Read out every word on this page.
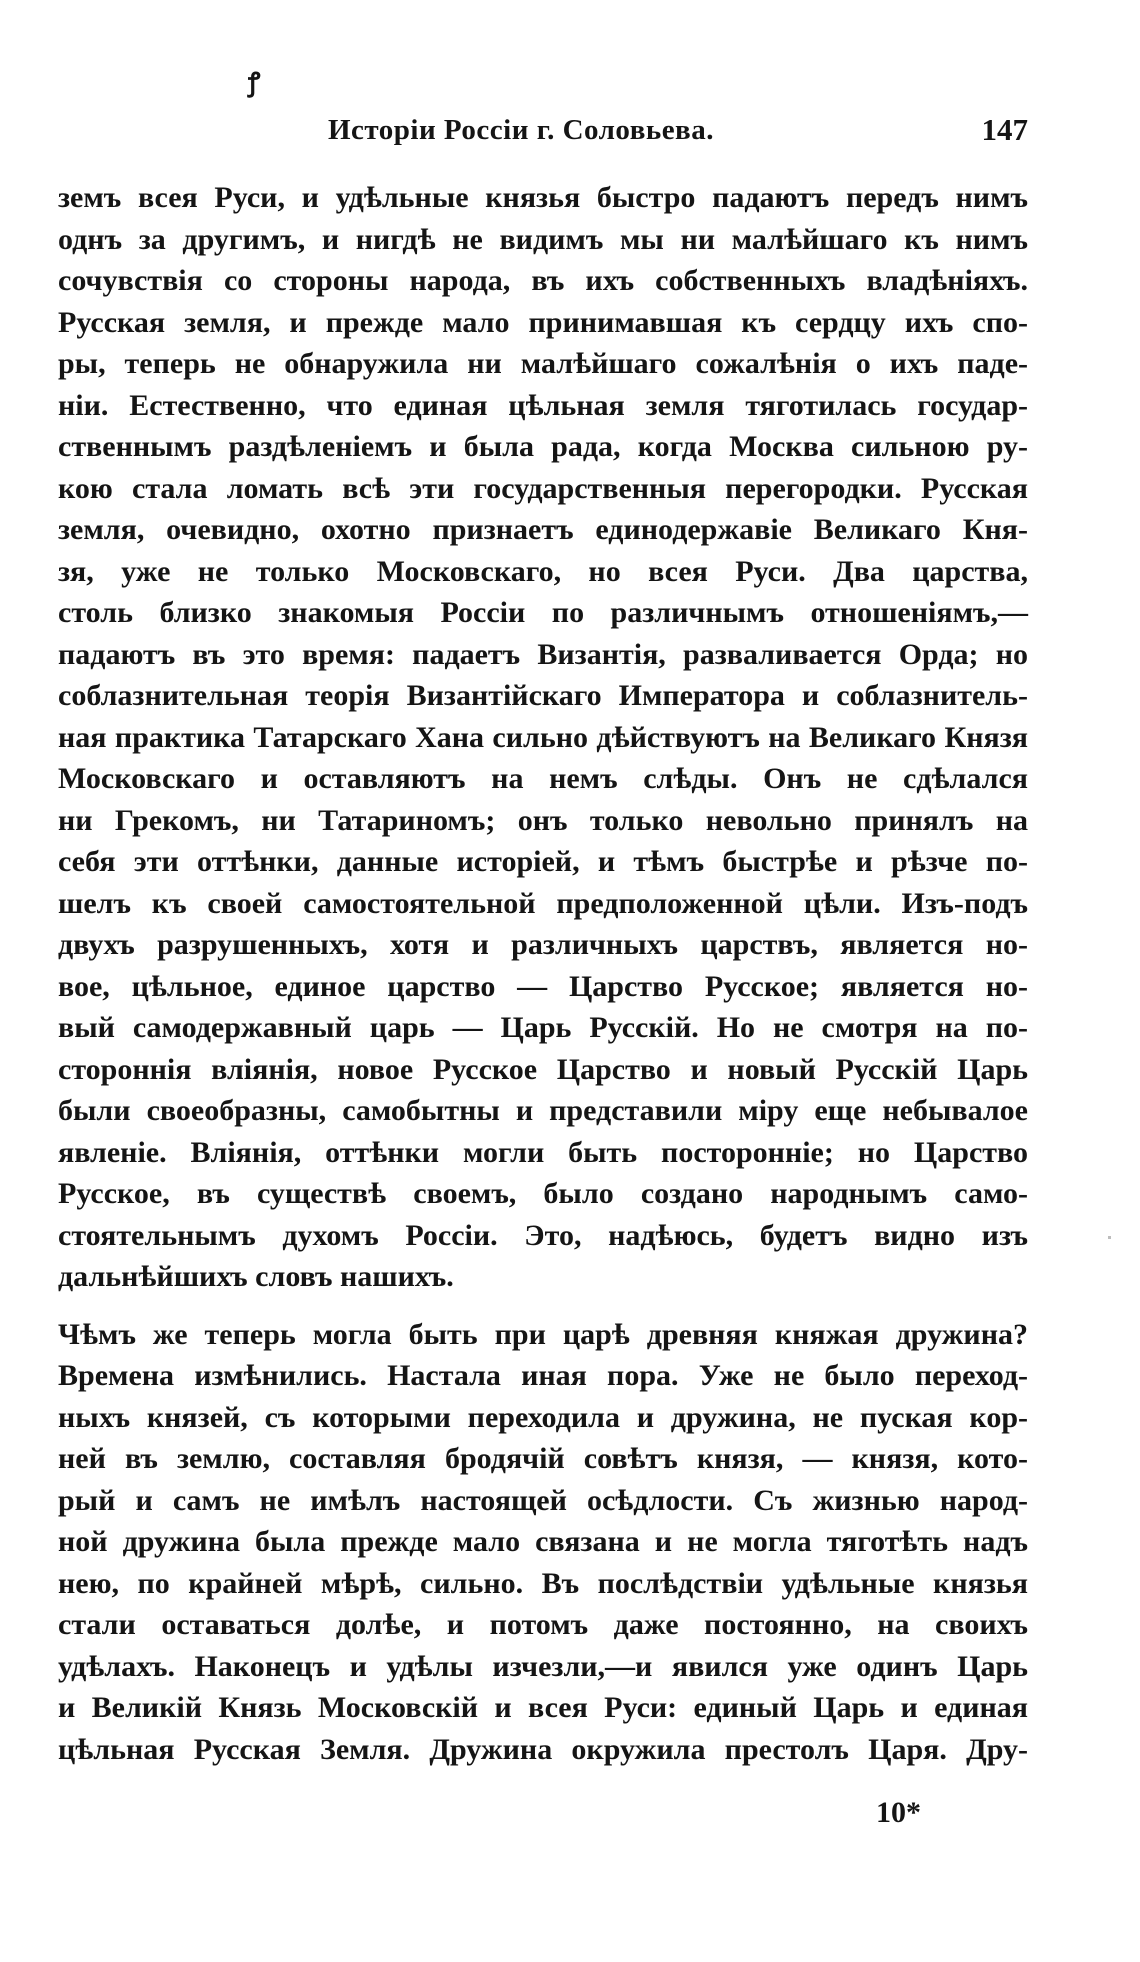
ꝭ
Исторіи Россіи г. Соловьева.	147
земъ всея Руси, и удѣльные князья быстро падаютъ передъ нимъ
однъ за другимъ, и нигдѣ не видимъ мы ни малѣйшаго къ нимъ
сочувствія со стороны народа, въ ихъ собственныхъ владѣніяхъ.
Русская земля, и прежде мало принимавшая къ сердцу ихъ спо-
ры, теперь не обнаружила ни малѣйшаго сожалѣнія о ихъ паде-
ніи. Естественно, что единая цѣльная земля тяготилась государ-
ственнымъ раздѣленіемъ и была рада, когда Москва сильною ру-
кою стала ломать всѣ эти государственныя перегородки. Русская
земля, очевидно, охотно признаетъ единодержавіе Великаго Кня-
зя, уже не только Московскаго, но всея Руси. Два царства,
столь близко знакомыя Россіи по различнымъ отношеніямъ,—
падаютъ въ это время: падаетъ Византія, разваливается Орда; но
соблазнительная теорія Византійскаго Императора и соблазнитель-
ная практика Татарскаго Хана сильно дѣйствуютъ на Великаго Князя
Московскаго и оставляютъ на немъ слѣды. Онъ не сдѣлался
ни Грекомъ, ни Татариномъ; онъ только невольно принялъ на
себя эти оттѣнки, данные исторіей, и тѣмъ быстрѣе и рѣзче по-
шелъ къ своей самостоятельной предположенной цѣли. Изъ-подъ
двухъ разрушенныхъ, хотя и различныхъ царствъ, является но-
вое, цѣльное, единое царство — Царство Русское; является но-
вый самодержавный царь — Царь Русскій. Но не смотря на по-
стороннія вліянія, новое Русское Царство и новый Русскій Царь
были своеобразны, самобытны и представили міру еще небывалое
явленіе. Вліянія, оттѣнки могли быть посторонніе; но Царство
Русское, въ существѣ своемъ, было создано народнымъ само-
стоятельнымъ духомъ Россіи. Это, надѣюсь, будетъ видно изъ
дальнѣйшихъ словъ нашихъ.
Чѣмъ же теперь могла быть при царѣ древняя княжая дружина?
Времена измѣнились. Настала иная пора. Уже не было переход-
ныхъ князей, съ которыми переходила и дружина, не пуская кор-
ней въ землю, составляя бродячій совѣтъ князя, — князя, кото-
рый и самъ не имѣлъ настоящей осѣдлости. Съ жизнью народ-
ной дружина была прежде мало связана и не могла тяготѣть надъ
нею, по крайней мѣрѣ, сильно. Въ послѣдствіи удѣльные князья
стали оставаться долѣе, и потомъ даже постоянно, на своихъ
удѣлахъ. Наконецъ и удѣлы изчезли,—и явился уже одинъ Царь
и Великій Князь Московскій и всея Руси: единый Царь и единая
цѣльная Русская Земля. Дружина окружила престолъ Царя. Дру-
10*
